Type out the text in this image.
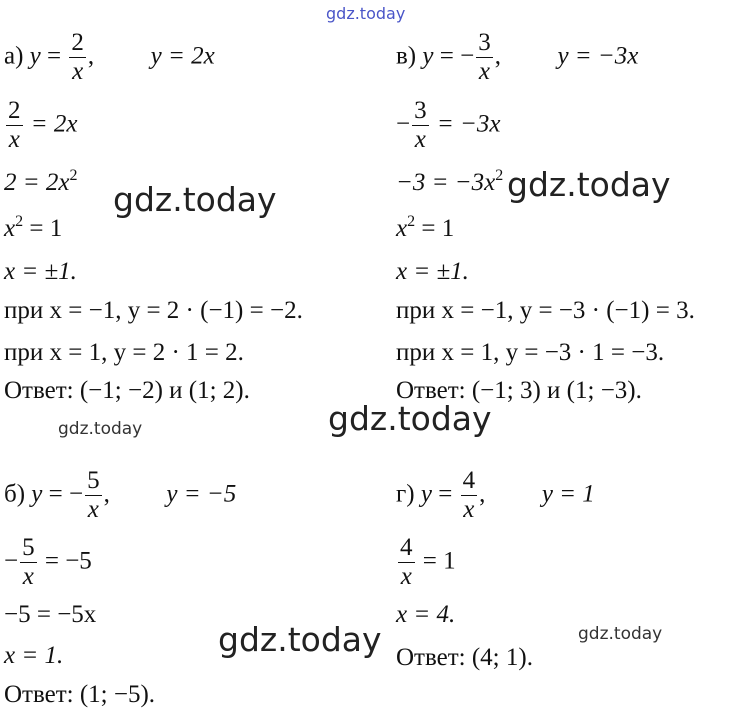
gdz.today
gdz.today	gdz.today
gdz.today
gdz.today
gdz.today	gdz.today
а) $y = \frac{2}{x}$ , y = 2x
$\frac{2}{x} = 2x$
$2 = 2x^2$
$x^2 = 1$
x = ±1.
при x = −1, y = 2 · (−1) = −2.
при x = 1, y = 2 · 1 = 2.
Ответ: (−1; −2) и (1; 2).
в) y = − $\frac{3}{x}$ , y = −3x
− $\frac{3}{x} = -3x$
$-3 = -3x^2$
$x^2 = 1$
x = ±1.
при x = −1, y = −3 · (−1) = 3.
при x = 1, y = −3 · 1 = −3.
Ответ: (−1; 3) и (1; −3).
б) y = − $\frac{5}{x}$ , y = −5
− $\frac{5}{x} = -5$
−5 = −5x
x = 1.
Ответ: (1; −5).
г) $y = \frac{4}{x}$ , y = 1
$\frac{4}{x} = 1$
x = 4.
Ответ: (4; 1).
